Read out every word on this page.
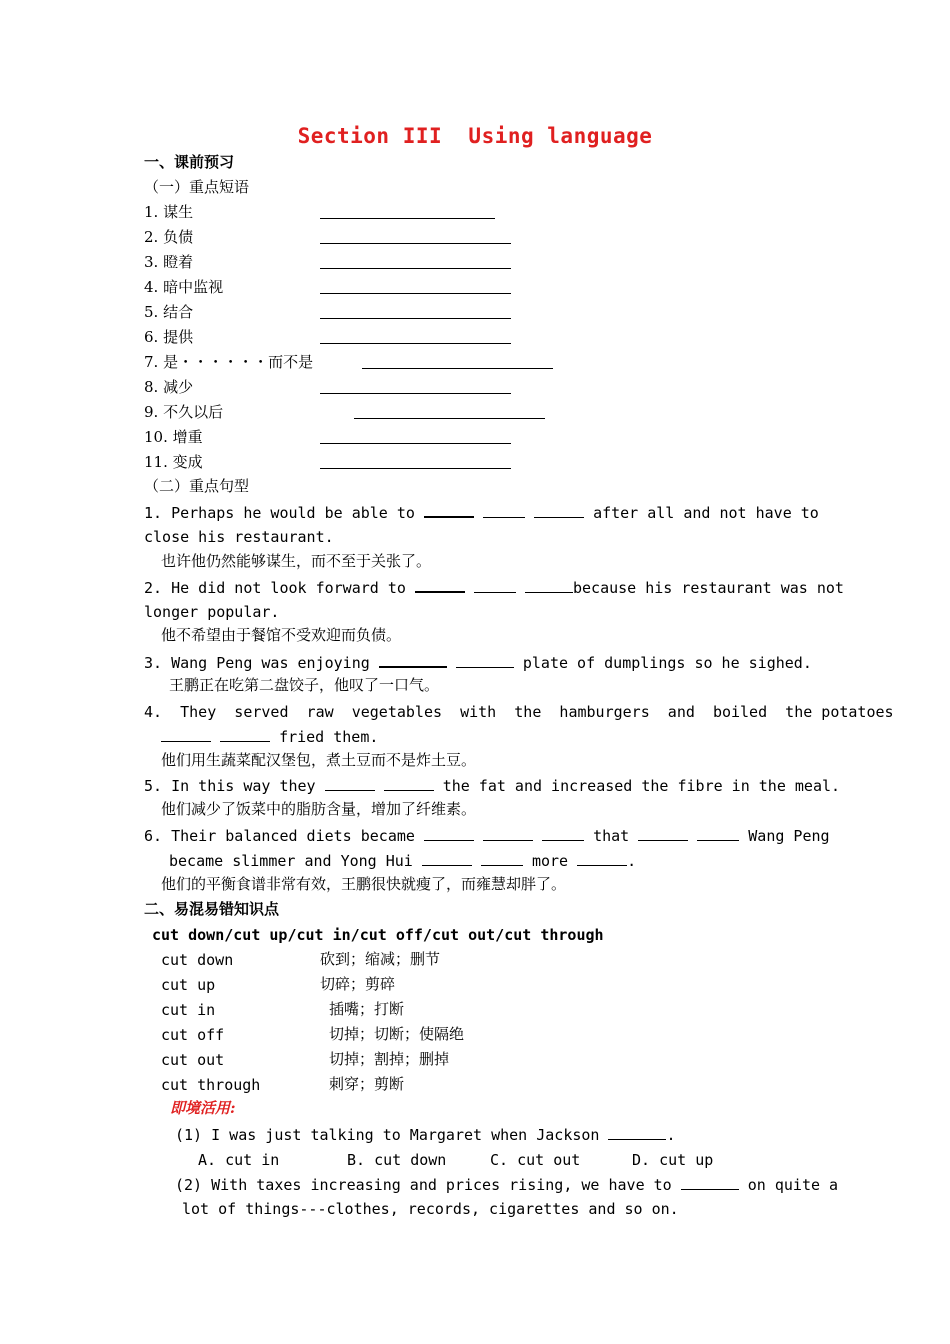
Section III  Using language
一、课前预习
（一）重点短语
1. 谋生
2. 负债
3. 瞪着
4. 暗中监视
5. 结合
6. 提供
7. 是・・・・・・而不是
8. 减少
9. 不久以后
10. 增重
11. 变成
（二）重点句型
1. Perhaps he would be able to	after all and not have to
close his restaurant.
也许他仍然能够谋生，而不至于关张了。
2. He did not look forward to	because his restaurant was not
longer popular.
他不希望由于餐馆不受欢迎而负债。
3. Wang Peng was enjoying	plate of dumplings so he sighed.
王鹏正在吃第二盘饺子，他叹了一口气。
4.  They  served  raw  vegetables  with  the  hamburgers  and  boiled  the potatoes
fried them.
他们用生蔬菜配汉堡包，煮土豆而不是炸土豆。
5. In this way they	the fat and increased the fibre in the meal.
他们减少了饭菜中的脂肪含量，增加了纤维素。
6. Their balanced diets became	that	Wang Peng
became slimmer and Yong Hui	more	.
他们的平衡食谱非常有效，王鹏很快就瘦了，而雍慧却胖了。
二、易混易错知识点
cut down/cut up/cut in/cut off/cut out/cut through
cut down	砍到；缩减；删节
cut up	切碎；剪碎
cut in	插嘴；打断
cut off	切掉；切断；使隔绝
cut out	切掉；割掉；删掉
cut through	刺穿；剪断
即境活用:
(1) I was just talking to Margaret when Jackson	.
A. cut in	B. cut down	C. cut out	D. cut up
(2) With taxes increasing and prices rising, we have to	on quite a
lot of things---clothes, records, cigarettes and so on.
